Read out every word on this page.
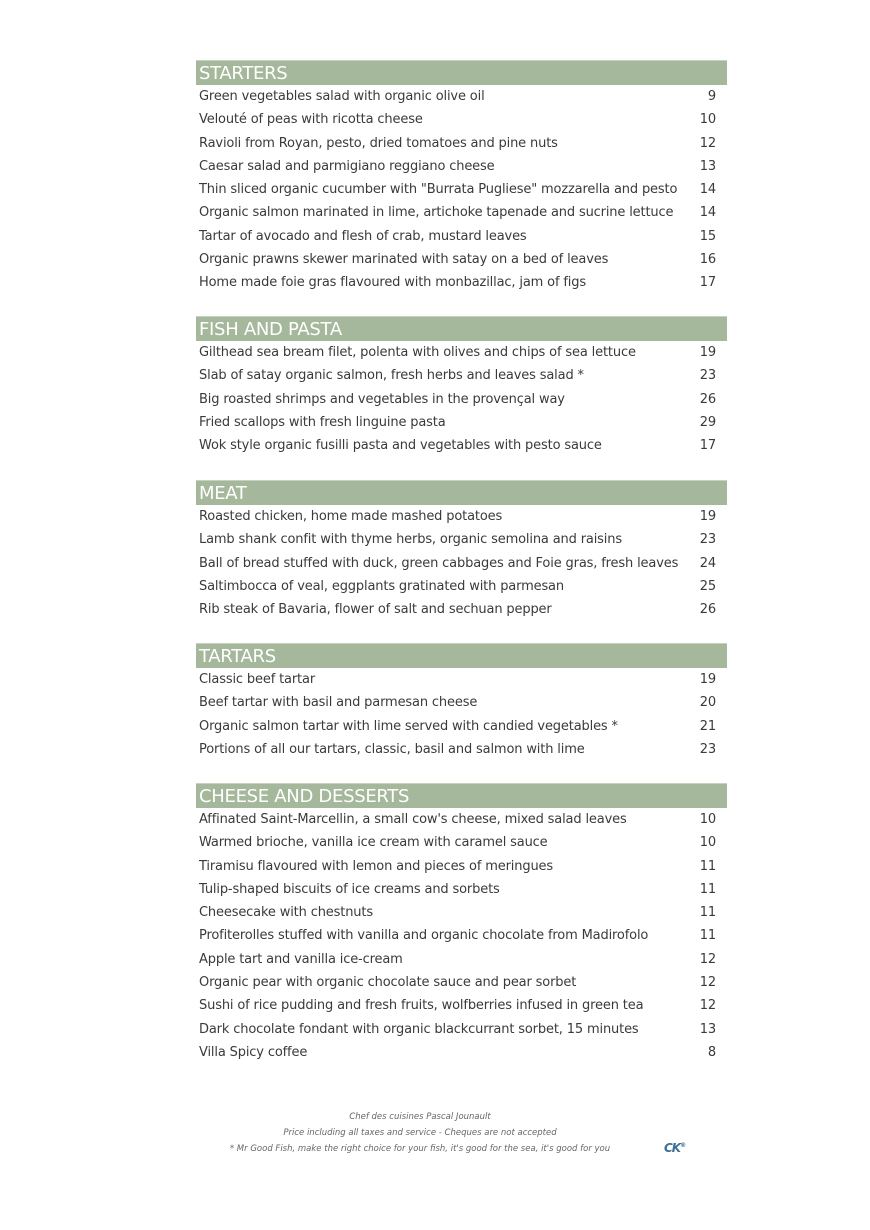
STARTERS
Green vegetables salad with organic olive oil	9
Velouté of peas with ricotta cheese	10
Ravioli from Royan, pesto, dried tomatoes and pine nuts	12
Caesar salad and parmigiano reggiano cheese	13
Thin sliced organic cucumber with "Burrata Pugliese" mozzarella and pesto	14
Organic salmon marinated in lime, artichoke tapenade and sucrine lettuce	14
Tartar of avocado and flesh of crab, mustard leaves	15
Organic prawns skewer marinated with satay on a bed of leaves	16
Home made foie gras flavoured with monbazillac, jam of figs	17
FISH AND PASTA
Gilthead sea bream filet, polenta with olives and chips of sea lettuce	19
Slab of satay organic salmon, fresh herbs and leaves salad *	23
Big roasted shrimps and vegetables in the provençal way	26
Fried scallops with fresh linguine pasta	29
Wok style organic fusilli pasta and vegetables with pesto sauce	17
MEAT
Roasted chicken, home made mashed potatoes	19
Lamb shank confit with thyme herbs, organic semolina and raisins	23
Ball of bread stuffed with duck, green cabbages and Foie gras, fresh leaves	24
Saltimbocca of veal, eggplants gratinated with parmesan	25
Rib steak of Bavaria, flower of salt and sechuan pepper	26
TARTARS
Classic beef tartar	19
Beef tartar with basil and parmesan cheese	20
Organic salmon tartar with lime served with candied vegetables *	21
Portions of all our tartars, classic, basil and salmon with lime	23
CHEESE AND DESSERTS
Affinated Saint-Marcellin, a small cow's cheese, mixed salad leaves	10
Warmed brioche, vanilla ice cream with caramel sauce	10
Tiramisu flavoured with lemon and pieces of meringues	11
Tulip-shaped biscuits of ice creams and sorbets	11
Cheesecake with chestnuts	11
Profiterolles stuffed with vanilla and organic chocolate from Madirofolo	11
Apple tart and vanilla ice-cream	12
Organic pear with organic chocolate sauce and pear sorbet	12
Sushi of rice pudding and fresh fruits, wolfberries infused in green tea	12
Dark chocolate fondant with organic blackcurrant sorbet, 15 minutes	13
Villa Spicy coffee	8
Chef des cuisines Pascal Jounault
Price including all taxes and service - Cheques are not accepted
* Mr Good Fish, make the right choice for your fish, it's good for the sea, it's good for you	CK®
